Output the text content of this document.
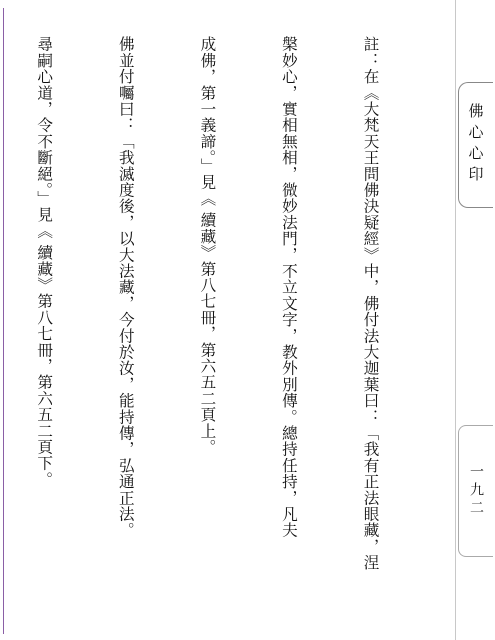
註：在《大梵天王問佛決疑經》中，佛付法大迦葉曰：「我有正法眼藏，涅

槃妙心，實相無相，微妙法門，不立文字，教外別傳。總持任持，凡夫

成佛，第一義諦。」見《 續藏》第八七冊，第六五二頁上。

佛並付囑曰：「我滅度後，以大法藏，今付於汝，能持傳，弘通正法。

尋嗣心道，令不斷絕。」見《 續藏》第八七冊，第六五二頁下。

	佛心心印
一九二
